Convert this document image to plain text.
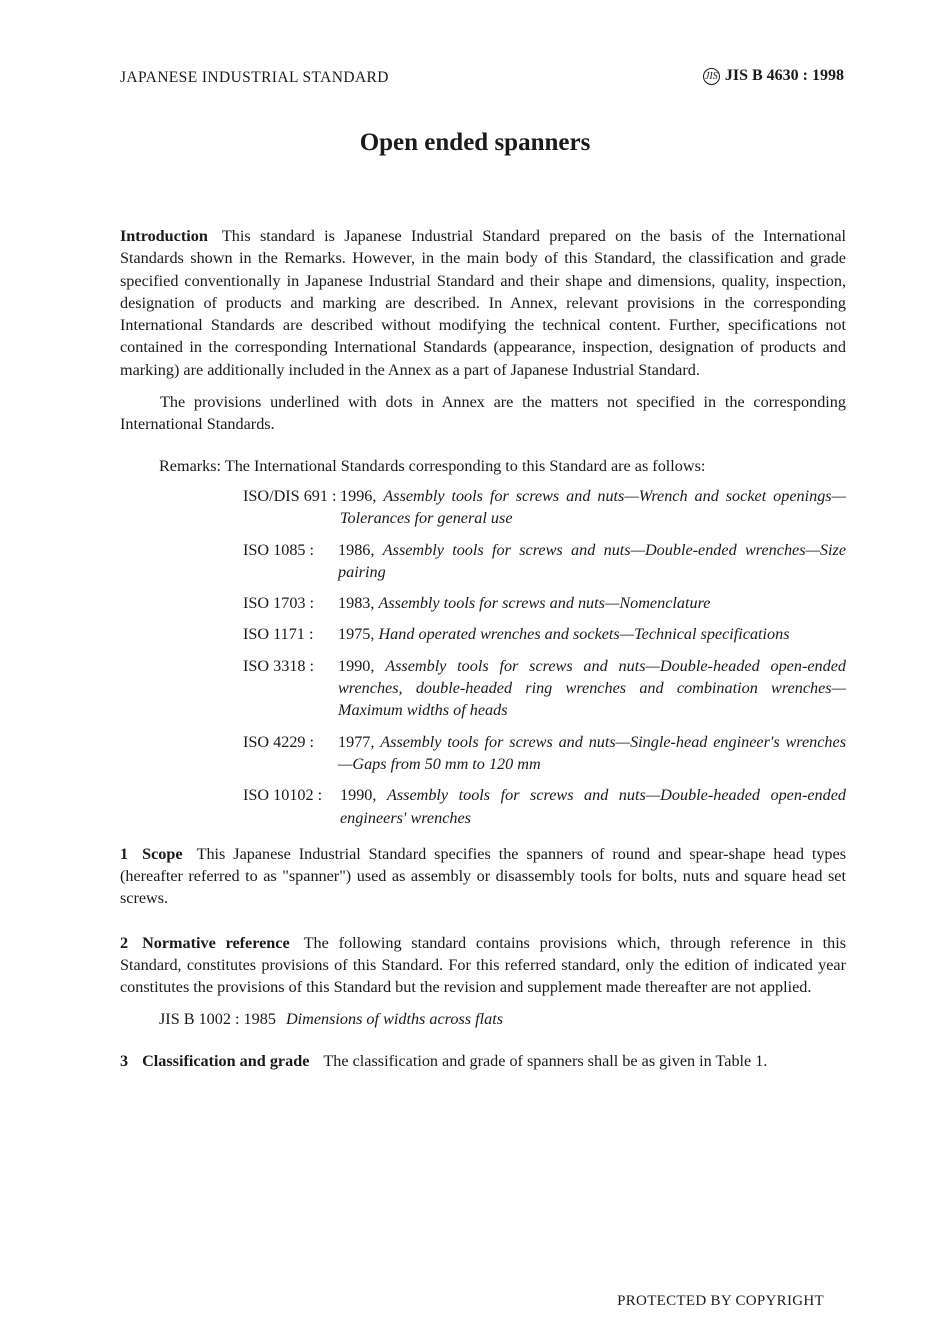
JAPANESE INDUSTRIAL STANDARD	JIS JIS B 4630 : 1998
Open ended spanners

Introduction This standard is Japanese Industrial Standard prepared on the basis of the International Standards shown in the Remarks. However, in the main body of this Standard, the classification and grade specified conventionally in Japanese Industrial Standard and their shape and dimensions, quality, inspection, designation of products and marking are described. In Annex, relevant provisions in the corresponding International Standards are described without modifying the technical content. Further, specifications not contained in the corresponding International Standards (appearance, inspection, designation of products and marking) are additionally included in the Annex as a part of Japanese Industrial Standard.

The provisions underlined with dots in Annex are the matters not specified in the corresponding International Standards.

Remarks: The International Standards corresponding to this Standard are as follows:

ISO/DIS 691 : 1996, Assembly tools for screws and nuts—Wrench and socket openings—Tolerances for general use
ISO 1085 :	1986, Assembly tools for screws and nuts—Double-ended wrenches—Size pairing
ISO 1703 :	1983, Assembly tools for screws and nuts—Nomenclature
ISO 1171 :	1975, Hand operated wrenches and sockets—Technical specifications
ISO 3318 :	1990, Assembly tools for screws and nuts—Double-headed open-ended wrenches, double-headed ring wrenches and combination wrenches—Maximum widths of heads
ISO 4229 :	1977, Assembly tools for screws and nuts—Single-head engineer's wrenches—Gaps from 50 mm to 120 mm
ISO 10102 :	1990, Assembly tools for screws and nuts—Double-headed open-ended engineers' wrenches

1 Scope This Japanese Industrial Standard specifies the spanners of round and spear-shape head types (hereafter referred to as "spanner") used as assembly or disassembly tools for bolts, nuts and square head set screws.

2 Normative reference The following standard contains provisions which, through reference in this Standard, constitutes provisions of this Standard. For this referred standard, only the edition of indicated year constitutes the provisions of this Standard but the revision and supplement made thereafter are not applied.

JIS B 1002 : 1985 Dimensions of widths across flats

3 Classification and grade The classification and grade of spanners shall be as given in Table 1.

PROTECTED BY COPYRIGHT
